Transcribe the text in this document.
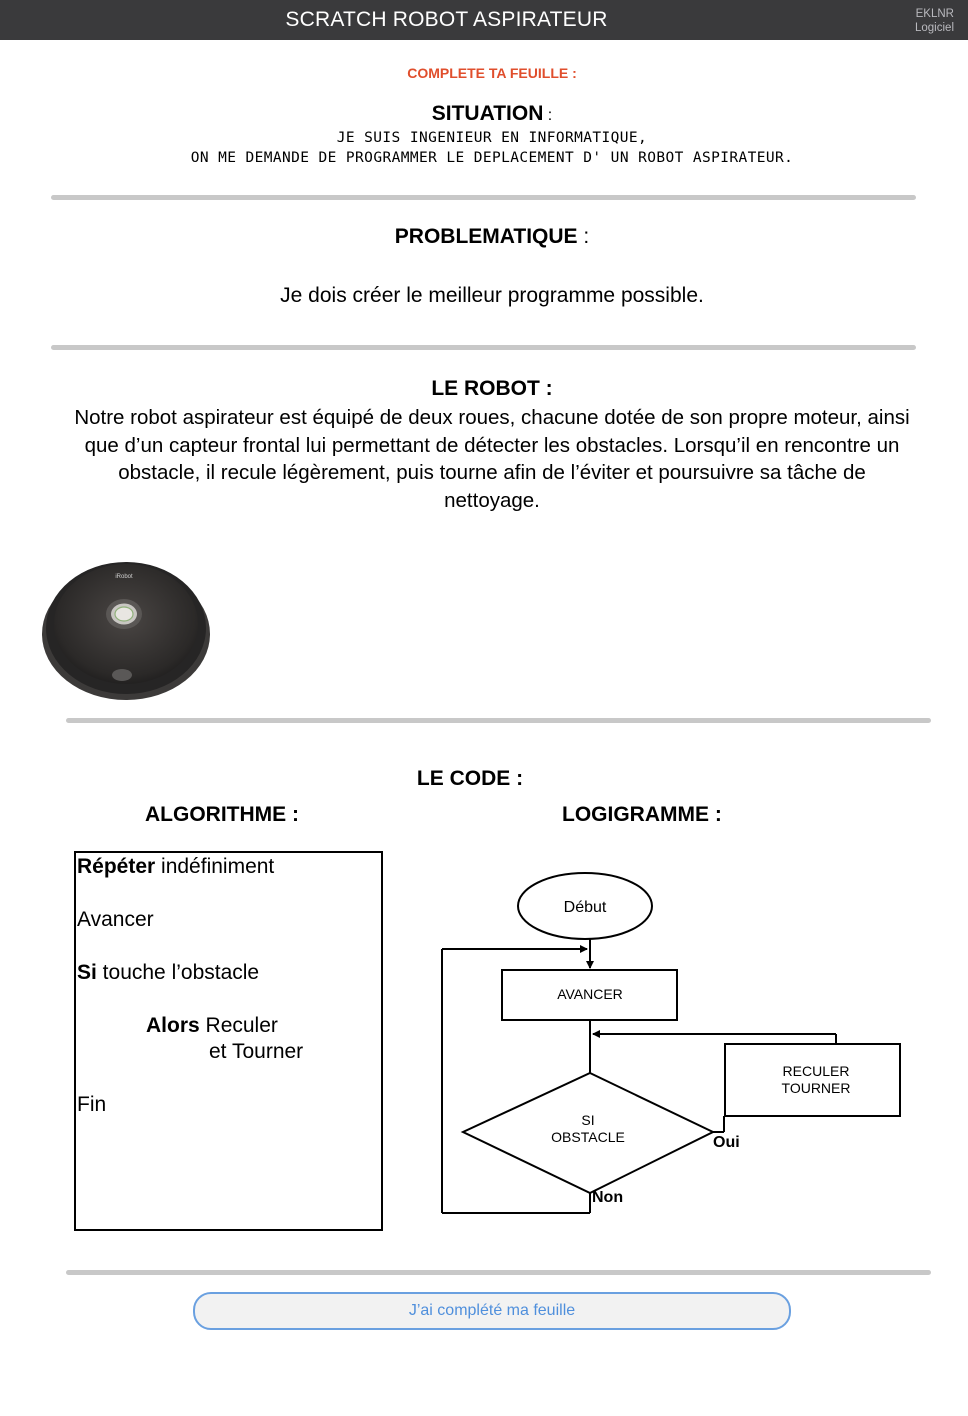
SCRATCH ROBOT ASPIRATEUR	EKLNR
Logiciel
COMPLETE TA FEUILLE :
SITUATION :
JE SUIS INGENIEUR EN INFORMATIQUE,
ON ME DEMANDE DE PROGRAMMER LE DEPLACEMENT D' UN ROBOT ASPIRATEUR.
PROBLEMATIQUE :
Je dois créer le meilleur programme possible.
LE ROBOT :
Notre robot aspirateur est équipé de deux roues, chacune dotée de son propre moteur, ainsi que d’un capteur frontal lui permettant de détecter les obstacles. Lorsqu’il en rencontre un obstacle, il recule légèrement, puis tourne afin de l’éviter et poursuivre sa tâche de nettoyage.
iRobot
LE CODE :
ALGORITHME :	LOGIGRAMME :
Répéter indéfiniment
Avancer
Si touche l’obstacle
Alors Reculer
et Tourner
Fin
Début
AVANCER
SI
OBSTACLE	Oui
RECULER
TOURNER
Non
J’ai complété ma feuille
